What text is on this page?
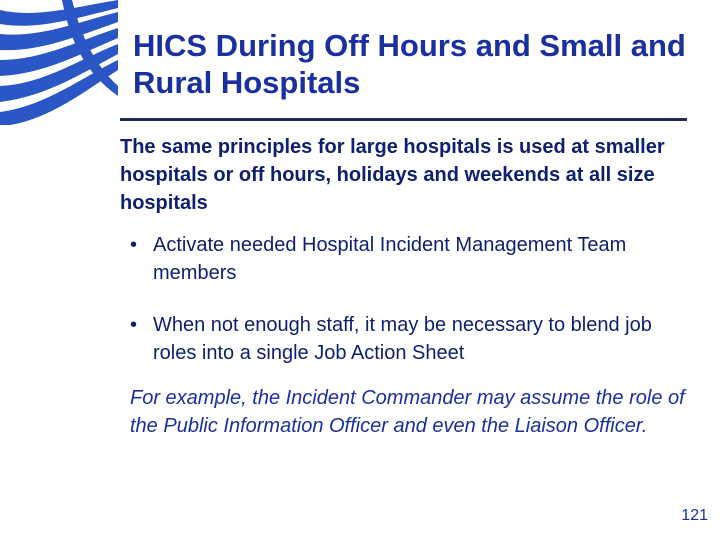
HICS During Off Hours and Small and Rural Hospitals

The same principles for large hospitals is used at smaller hospitals or off hours, holidays and weekends at all size hospitals

• Activate needed Hospital Incident Management Team members
• When not enough staff, it may be necessary to blend job roles into a single Job Action Sheet

For example, the Incident Commander may assume the role of the Public Information Officer and even the Liaison Officer.

121
